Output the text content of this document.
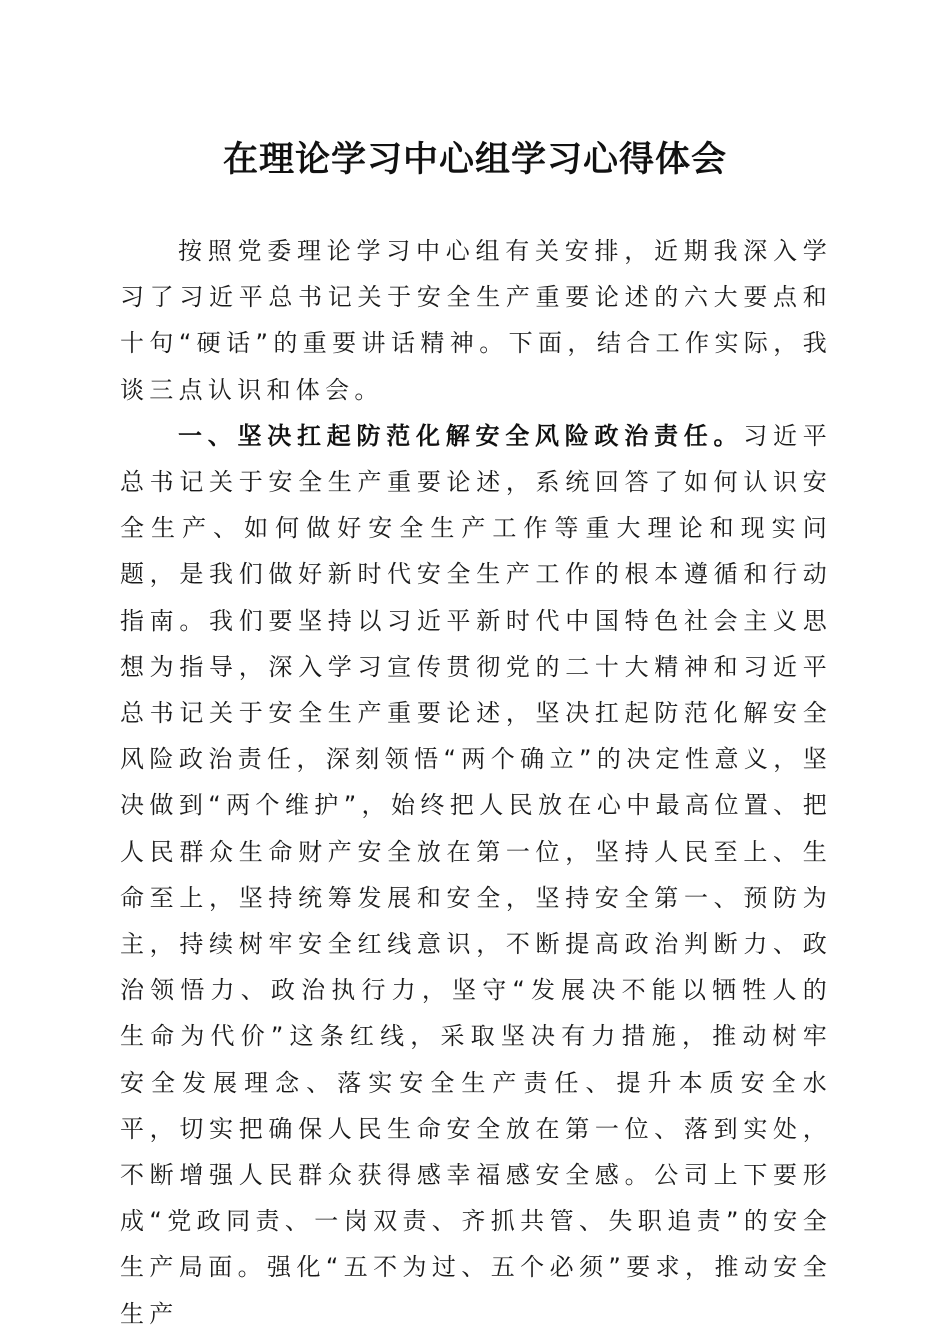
在理论学习中心组学习心得体会

按照党委理论学习中心组有关安排，近期我深入学习了习近平总书记关于安全生产重要论述的六大要点和十句“硬话”的重要讲话精神。下面，结合工作实际，我谈三点认识和体会。

一、坚决扛起防范化解安全风险政治责任。习近平总书记关于安全生产重要论述，系统回答了如何认识安全生产、如何做好安全生产工作等重大理论和现实问题，是我们做好新时代安全生产工作的根本遵循和行动指南。我们要坚持以习近平新时代中国特色社会主义思想为指导，深入学习宣传贯彻党的二十大精神和习近平总书记关于安全生产重要论述，坚决扛起防范化解安全风险政治责任，深刻领悟“两个确立”的决定性意义，坚决做到“两个维护”，始终把人民放在心中最高位置、把人民群众生命财产安全放在第一位，坚持人民至上、生命至上，坚持统筹发展和安全，坚持安全第一、预防为主，持续树牢安全红线意识，不断提高政治判断力、政治领悟力、政治执行力，坚守“发展决不能以牺牲人的生命为代价”这条红线，采取坚决有力措施，推动树牢安全发展理念、落实安全生产责任、提升本质安全水平，切实把确保人民生命安全放在第一位、落到实处，不断增强人民群众获得感幸福感安全感。公司上下要形成“党政同责、一岗双责、齐抓共管、失职追责”的安全生产局面。强化“五不为过、五个必须”要求，推动安全生产
